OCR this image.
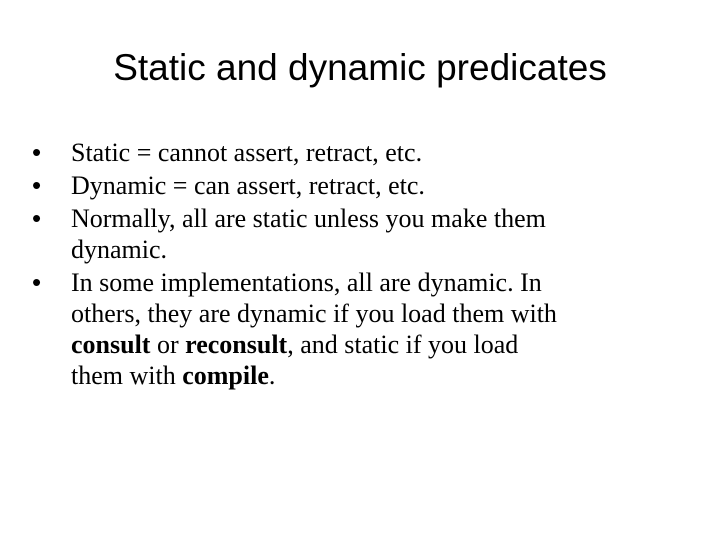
Static and dynamic predicates
•	Static = cannot assert, retract, etc.
•	Dynamic = can assert, retract, etc.
•	Normally, all are static unless you make them
dynamic.
•	In some implementations, all are dynamic. In
others, they are dynamic if you load them with
consult or reconsult, and static if you load
them with compile.
